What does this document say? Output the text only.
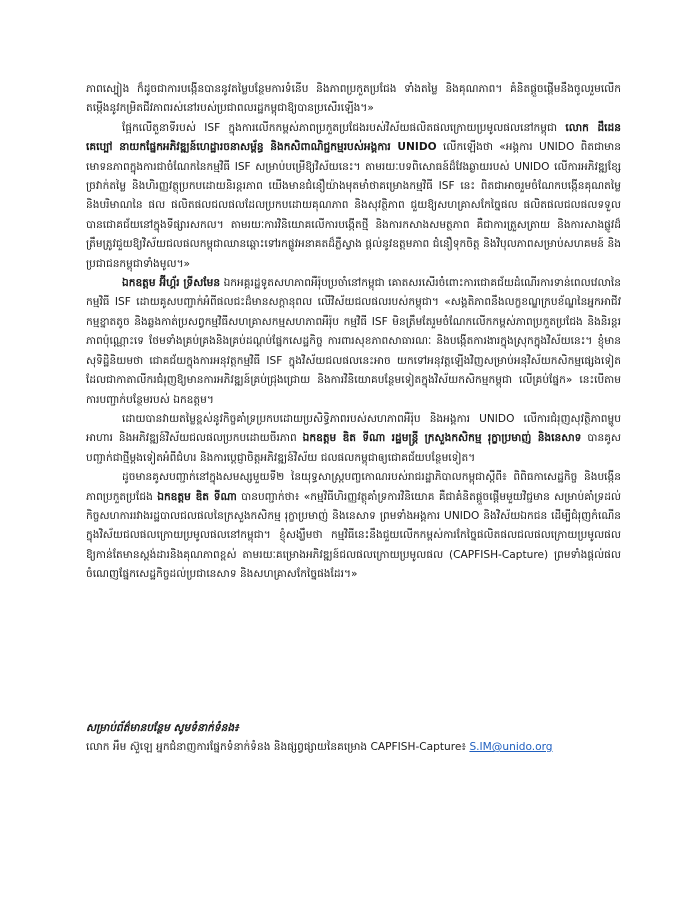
ភាពស្បៀង ក៏ដូចជាការបង្កើនបាននូវតម្លៃបន្ថែមការទំនើប និងភាពប្រកួតប្រជែង ទាំងតម្លៃ និងគុណភាព។ គំនិតផ្តួចផ្តើមនឹងចូលរួមលើកតម្កើងនូវកម្រិតជីវភាពរស់នៅរបស់ប្រជាពលរដ្ឋកម្ពុជាឱ្យបានប្រសើរឡើង។»

ផ្អែកលើតួនាទីរបស់ ISF ក្នុងការលើកកម្ពស់ភាពប្រកួតប្រជែងរបស់វិស័យផលិតផលក្រោយប្រមូលផលនៅកម្ពុជា លោក ដឹដេន គេប្បៅ នាយកផ្នែកអភិវឌ្ឍន៍ហេដ្ឋារចនាសម្ព័ន្ធ និងកសិពាណិជ្ជកម្មរបស់អង្គការ UNIDO លើកឡើងថា «អង្គការ UNIDO ពិតជាមានមោទនភាពក្នុងការជាចំណែកនៃកម្មវិធី ISF សម្រាប់បម្រើឱ្យវិស័យនេះ។ តាមរយៈបទពិសោធន៍ដ៏វែងឆ្ងាយរបស់ UNIDO លើការអភិវឌ្ឍខ្សែច្រវាក់តម្លៃ និងហិរញ្ញវត្ថុប្រកបដោយនិរន្តរភាព យើងមានជំនឿយ៉ាងមុតមាំថាគម្រោងកម្មវិធី ISF នេះ ពិតជាអាចរួមចំណែកបង្កើនគុណតម្លៃ និងបរិមាណនៃ ផល ផលិតផលជលផលដែលប្រកបដោយគុណភាព និងសុវត្ថិភាព ជួយឱ្យសហគ្រាសកែច្នៃផល ផលិតផលជលផលទទួលបានជោគជ័យនៅក្នុងទីផ្សារសកល។ តាមរយៈការវិនិយោគលើការបង្កើតថ្មី និងការកសាងសមត្ថភាព គឺជាការត្រួសត្រាយ និងការសាងផ្លូវដ៏ត្រឹមត្រូវជួយឱ្យវិស័យជលផលកម្ពុជាឈានឆ្ពោះទៅរកផ្លូវអនាគតដ៏ភ្លឺស្វាង ផ្តល់នូវឧត្តមភាព ជំនឿទុកចិត្ត និងវិបុលភាពសម្រាប់សហគមន៍ និងប្រជាជនកម្ពុជាទាំងមូល។»

ឯកឧត្តម អ៊ីហ្គ័រ ទ្រីសមែន ឯកអគ្គរដ្ឋទូតសហភាពអឺរ៉ុបប្រចាំនៅកម្ពុជា គោតសរសើរចំពោះការជោគជ័យដំណើរការទាន់ពេលវេលានៃកម្មវិធី ISF ដោយគូសបញ្ជាក់អំពីផលជះដ៏មានសក្តានុពល លើវិស័យជលផលរបស់កម្ពុជា។ «សង្គតិភាពនឹងលក្ខខណ្ឌក្របខ័ណ្ឌនៃអ្នកអាជីវកម្មខ្នាតតូច និងឆ្លងកាត់ប្រសព្វកម្មវិធីសហគ្រាសកម្មសហភាពអឺរ៉ុប កម្មវិធី ISF មិនត្រឹមតែរួមចំណែកលើកកម្ពស់ភាពប្រកួតប្រជែង និងនិរន្តរភាពប៉ុណ្ណោះទេ ថែមទាំងគ្រប់គ្រងនិងគ្រប់ដណ្តប់ផ្នែកសេដ្ឋកិច្ច ការពារសុខភាពសាធារណៈ និងបង្កើតការងារក្នុងស្រុកក្នុងវិស័យនេះ។ ខ្ញុំមានសុទិដ្ឋិនិយមថា ជោគជ័យក្នុងការអនុវត្តកម្មវិធី ISF ក្នុងវិស័យជលផលនេះអាច យកទៅអនុវត្តឡើងវិញសម្រាប់អនុវិស័យកសិកម្មផ្សេងទៀត ដែលជាកាតាលីករជំរុញឱ្យមានការអភិវឌ្ឍន៍គ្រប់ជ្រុងជ្រោយ និងការវិនិយោគបន្ថែមទៀតក្នុងវិស័យកសិកម្មកម្ពុជា លើគ្រប់ផ្នែក» នេះបើតាមការបញ្ជាក់បន្ថែមរបស់ ឯកឧត្តម។

ដោយបានវាយតម្លៃខ្ពស់នូវកិច្ចគាំទ្រប្រកបដោយប្រសិទ្ធិភាពរបស់សហភាពអឺរ៉ុប និងអង្គការ UNIDO លើការជំរុញសុវត្ថិភាពម្ហូបអាហារ និងអភិវឌ្ឍន៍វិស័យជលផលប្រកបដោយចីរភាព ឯកឧត្តម ឌិត ទីណា រដ្ឋមន្ត្រី ក្រសួងកសិកម្ម រុក្ខាប្រមាញ់ និងនេសាទ បានគូសបញ្ជាក់ជាថ្មីម្តងទៀតអំពីជំហរ និងការប្តេជ្ញាចិត្តអភិវឌ្ឍន៍វិស័យ ជលផលកម្ពុជាឲ្យជោគជ័យបន្ថែមទៀត។

ដូចមានគូសបញ្ជាក់នៅក្នុងសមស្សមួយទី២ នៃយុទ្ធសាស្ត្របញ្ចកោណរបស់រាជរដ្ឋាភិបាលកម្ពុជាស្តីពី៖ ពិពិធកាសេដ្ឋកិច្ច និងបង្កើនភាពប្រកួតប្រជែង ឯកឧត្តម ឌិត ទីណា បានបញ្ជាក់ថា៖ «កម្មវិធីហិរញ្ញវត្ថុគាំទ្រការវិនិយោគ គឺជាគំនិតផ្តួចផ្តើមមួយវិជ្ជមាន សម្រាប់គាំទ្រដល់កិច្ចសហការរវាងរដ្ឋបាលជលផលនៃក្រសួងកសិកម្ម រុក្ខាប្រមាញ់ និងនេសាទ ព្រមទាំងអង្គការ UNIDO និងវិស័យឯកជន ដើម្បីជំរុញកំណើនក្នុងវិស័យជលផលក្រោយប្រមូលផលនៅកម្ពុជា។ ខ្ញុំសង្ឃឹមថា កម្មវិធីនេះនឹងជួយលើកកម្ពស់ការកែច្នៃផលិតផលជលផលក្រោយប្រមូលផល ឱ្យកាន់តែមានស្តង់ដារនិងគុណភាពខ្ពស់ តាមរយៈគម្រោងអភិវឌ្ឍន៍ជលផលក្រោយប្រមូលផល (CAPFISH-Capture) ព្រមទាំងផ្តល់ផលចំណេញផ្នែកសេដ្ឋកិច្ចដល់ប្រជានេសាទ និងសហគ្រាសកែច្នៃផងដែរ។»

សម្រាប់ព័ត៌មានបន្ថែម សូមទំនាក់ទំនង៖
លោក អឹម ស៊ួឡេ អ្នកជំនាញការផ្នែកទំនាក់ទំនង និងផ្សព្វផ្សាយនៃគម្រោង CAPFISH-Capture៖ S.IM@unido.org
